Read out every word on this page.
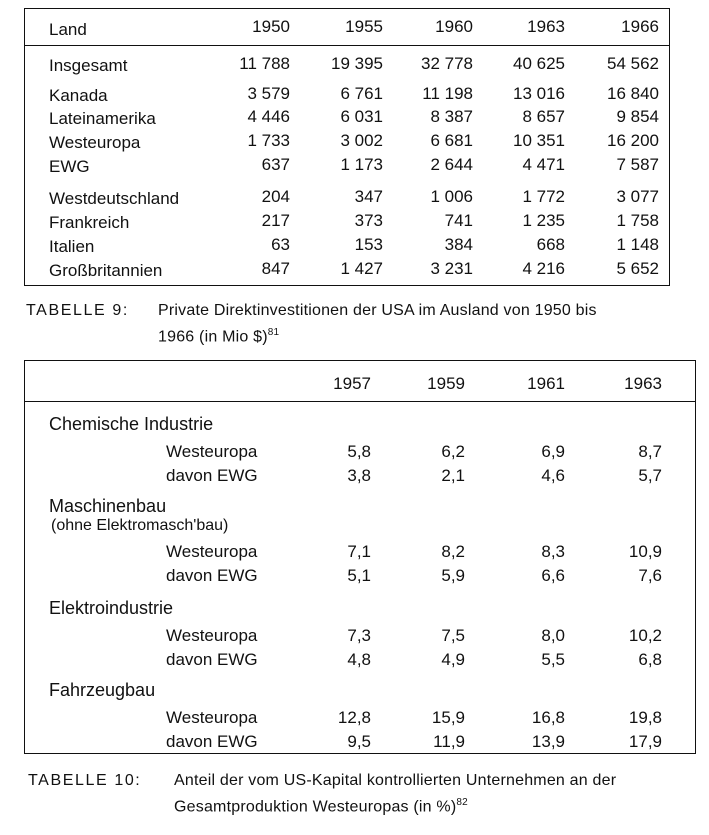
Land	1950	1955	1960	1963	1966
Insgesamt	11 788	19 395	32 778	40 625	54 562
Kanada	3 579	6 761	11 198	13 016	16 840
Lateinamerika	4 446	6 031	8 387	8 657	9 854
Westeuropa	1 733	3 002	6 681	10 351	16 200
EWG	637	1 173	2 644	4 471	7 587
Westdeutschland	204	347	1 006	1 772	3 077
Frankreich	217	373	741	1 235	1 758
Italien	63	153	384	668	1 148
Großbritannien	847	1 427	3 231	4 216	5 652
TABELLE 9: Private Direktinvestitionen der USA im Ausland von 1950 bis
1966 (in Mio $)$^{81}$
1957	1959	1961	1963
Chemische Industrie
Westeuropa	5,8	6,2	6,9	8,7
davon EWG	3,8	2,1	4,6	5,7
Maschinenbau
(ohne Elektromasch'bau)
Westeuropa	7,1	8,2	8,3	10,9
davon EWG	5,1	5,9	6,6	7,6
Elektroindustrie
Westeuropa	7,3	7,5	8,0	10,2
davon EWG	4,8	4,9	5,5	6,8
Fahrzeugbau
Westeuropa	12,8	15,9	16,8	19,8
davon EWG	9,5	11,9	13,9	17,9
TABELLE 10: Anteil der vom US-Kapital kontrollierten Unternehmen an der
Gesamtproduktion Westeuropas (in %)$^{82}$
